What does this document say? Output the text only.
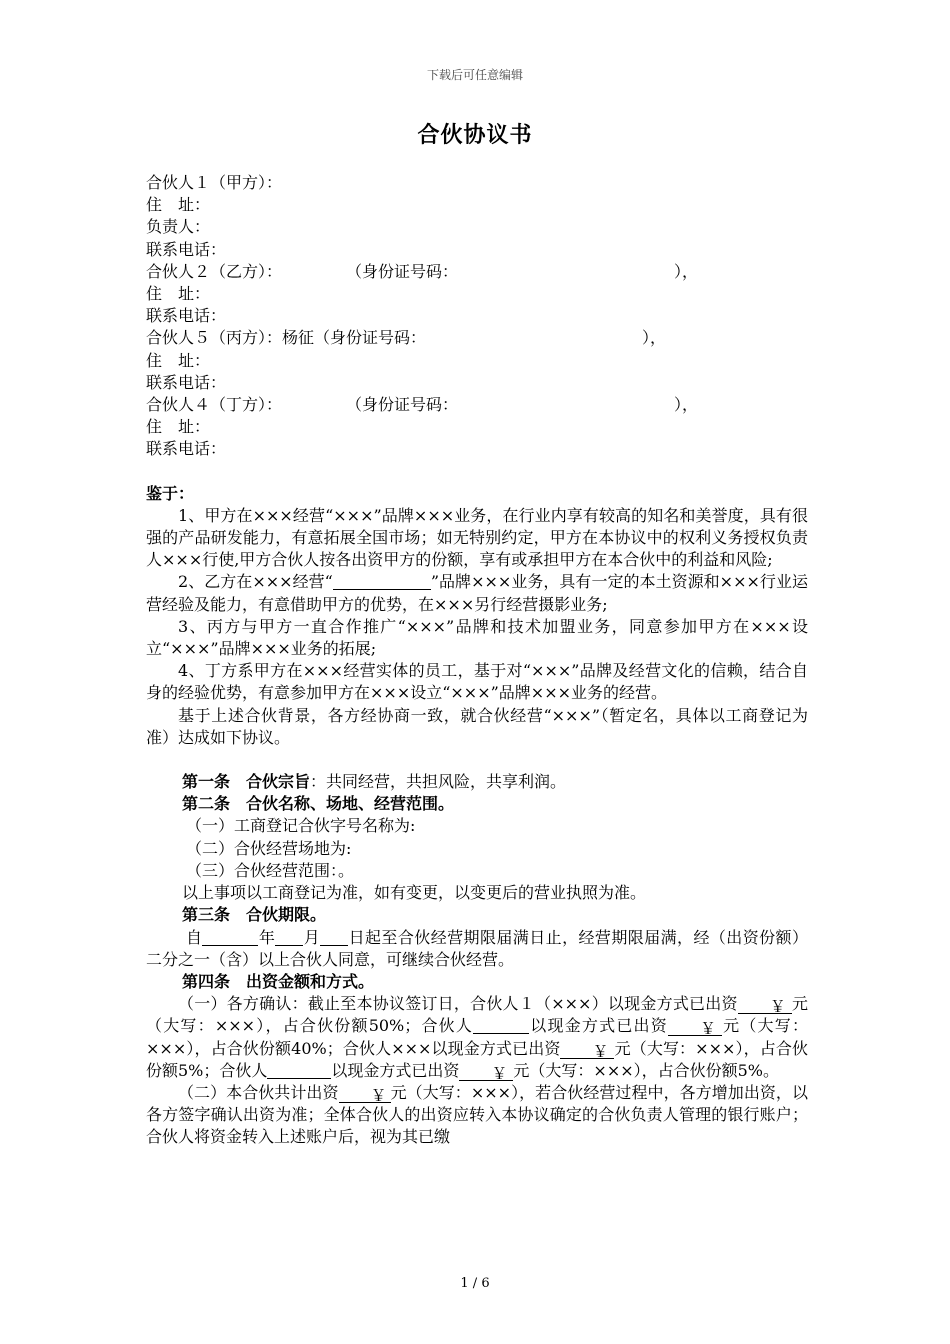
下载后可任意编辑
合伙协议书
合伙人１（甲方）：
住　址：
负责人：
联系电话：
合伙人２（乙方）：　　　　　（身份证号码：　　　　　　　　　　　　　　），
住　址：
联系电话：
合伙人５（丙方）：杨征（身份证号码：　　　　　　　　　　　　　　），
住　址：
联系电话：
合伙人４（丁方）：　　　　　（身份证号码：　　　　　　　　　　　　　　），
住　址：
联系电话：
鉴于：
1、甲方在×××经营“×××”品牌×××业务，在行业内享有较高的知名和美誉度，具有很强的产品研发能力，有意拓展全国市场；如无特别约定，甲方在本协议中的权利义务授权负责人×××行使,甲方合伙人按各出资甲方的份额，享有或承担甲方在本合伙中的利益和风险;
2、乙方在×××经营“	”品牌×××业务，具有一定的本土资源和×××行业运营经验及能力，有意借助甲方的优势，在×××另行经营摄影业务;
3、丙方与甲方一直合作推广“×××”品牌和技术加盟业务，同意参加甲方在×××设立“×××”品牌×××业务的拓展;
4、丁方系甲方在×××经营实体的员工，基于对“×××”品牌及经营文化的信赖，结合自身的经验优势，有意参加甲方在×××设立“×××”品牌×××业务的经营。
基于上述合伙背景，各方经协商一致，就合伙经营“×××”（暂定名，具体以工商登记为准）达成如下协议。
第一条　合伙宗旨：共同经营，共担风险，共享利润。
第二条　合伙名称、场地、经营范围。
（一）工商登记合伙字号名称为:
（二）合伙经营场地为:
（三）合伙经营范围：。
以上事项以工商登记为准，如有变更，以变更后的营业执照为准。
第三条　合伙期限。
自	年 月 日起至合伙经营期限届满日止，经营期限届满，经（出资份额）二分之一（含）以上合伙人同意，可继续合伙经营。
第四条　出资金额和方式。
（一）各方确认：截止至本协议签订日，合伙人１（×××）以现金方式已出资 ￥ 元（大写：×××），占合伙份额50%；合伙人	以现金方式已出资 ￥ 元（大写：×××），占合伙份额40%；合伙人×××以现金方式已出资 ￥ 元（大写：×××），占合伙份额5%；合伙人	以现金方式已出资 ￥ 元（大写：×××），占合伙份额5%。
（二）本合伙共计出资 ￥ 元（大写：×××），若合伙经营过程中，各方增加出资，以各方签字确认出资为准；全体合伙人的出资应转入本协议确定的合伙负责人管理的银行账户；合伙人将资金转入上述账户后，视为其已缴
1 / 6
